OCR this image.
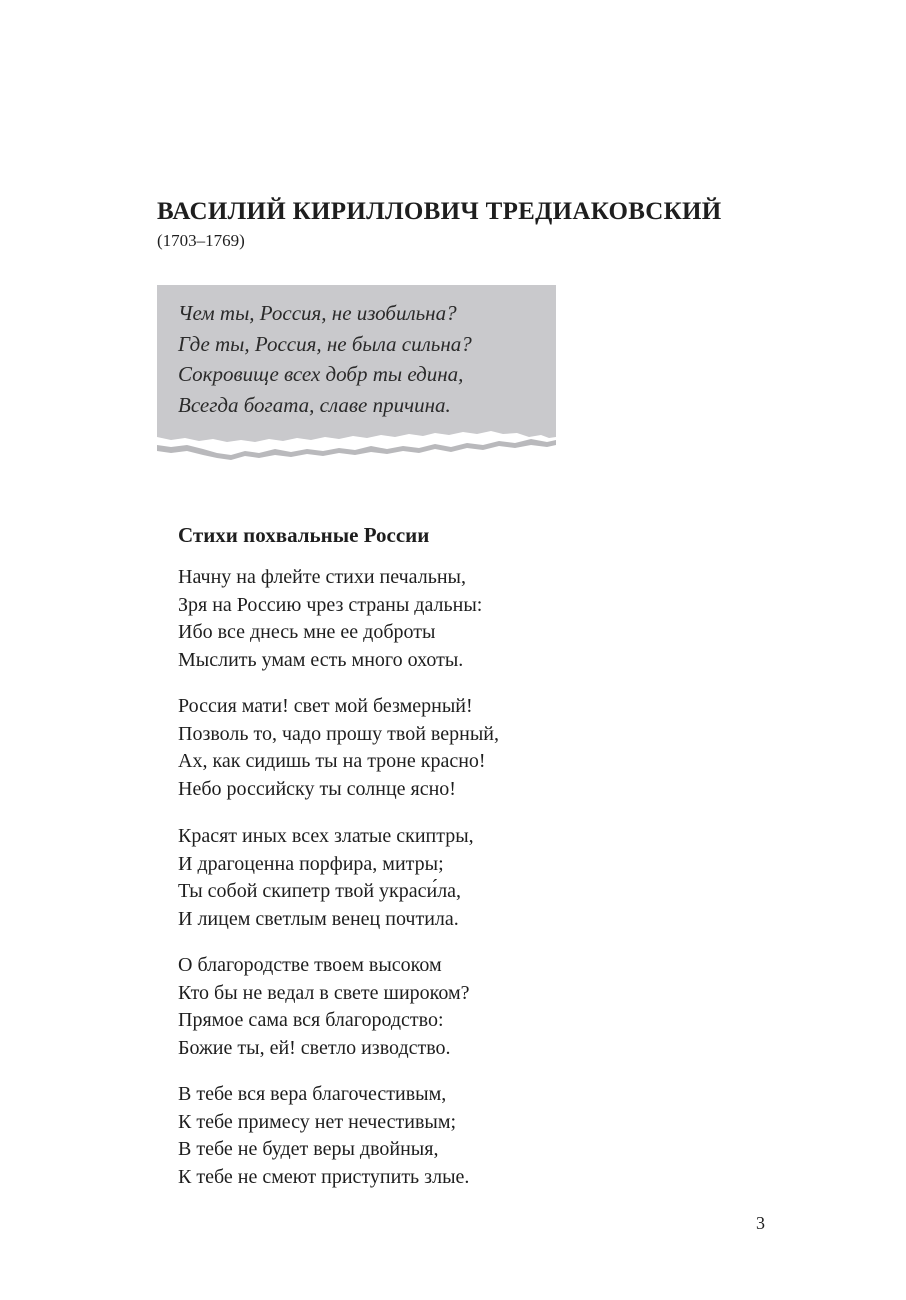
ВАСИЛИЙ КИРИЛЛОВИЧ ТРЕДИАКОВСКИЙ
(1703–1769)
Чем ты, Россия, не изобильна?
Где ты, Россия, не была сильна?
Сокровище всех добр ты едина,
Всегда богата, славе причина.
Стихи похвальные России
Начну на флейте стихи печальны,
Зря на Россию чрез страны дальны:
Ибо все днесь мне ее доброты
Мыслить умам есть много охоты.
Россия мати! свет мой безмерный!
Позволь то, чадо прошу твой верный,
Ах, как сидишь ты на троне красно!
Небо российску ты солнце ясно!
Красят иных всех златые скиптры,
И драгоценна порфира, митры;
Ты собой скипетр твой украси́ла,
И лицем светлым венец почтила.
О благородстве твоем высоком
Кто бы не ведал в свете широком?
Прямое сама вся благородство:
Божие ты, ей! светло изводство.
В тебе вся вера благочестивым,
К тебе примесу нет нечестивым;
В тебе не будет веры двойныя,
К тебе не смеют приступить злые.
3
